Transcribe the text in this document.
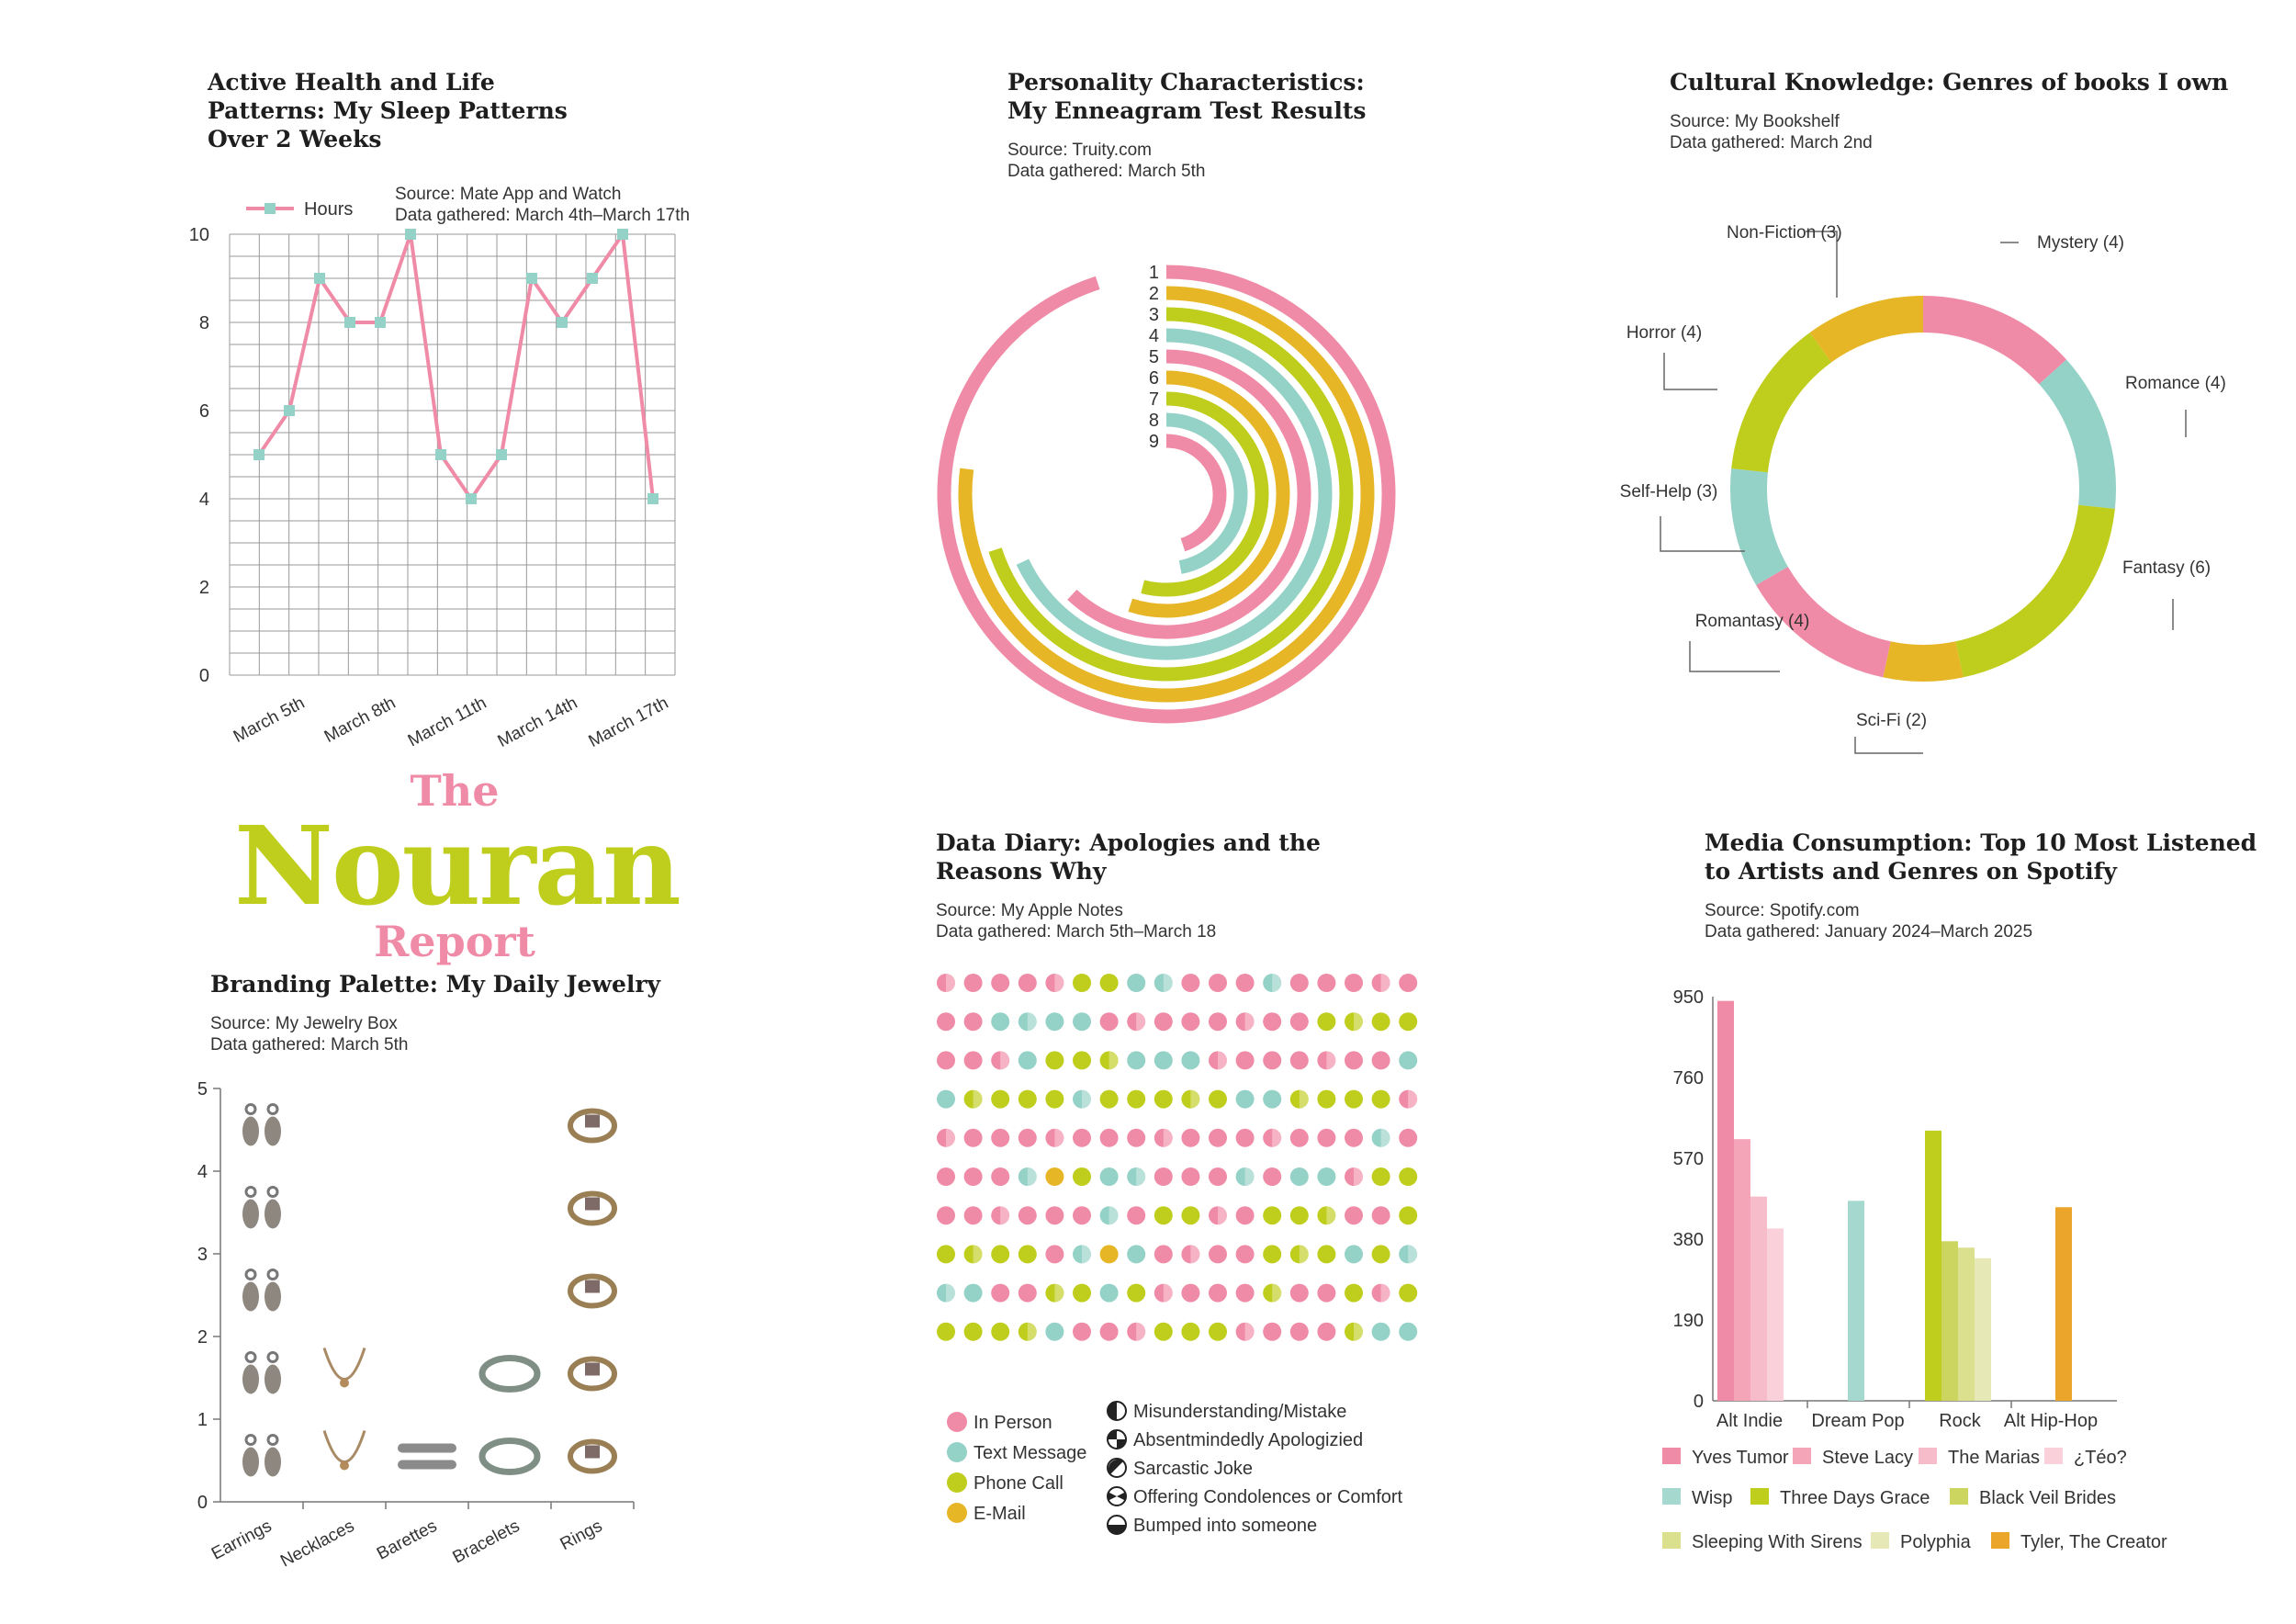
Active Health and Life
Patterns: My Sleep Patterns
Over 2 Weeks

Source: Mate App and Watch
Data gathered: March 4th–March 17th
0
2
4
6
8
10
March 5th March 8th March 11th March 14th March 17th
Hours

Personality Characteristics:
My Enneagram Test Results

Source: Truity.com
Data gathered: March 5th
1
2
3
4
5
6
7
8
9

Cultural Knowledge: Genres of books I own

Source: My Bookshelf
Data gathered: March 2nd
Mystery (4)
Romance (4)
Fantasy (6)
Sci-Fi (2)
Romantasy (4)
Self-Help (3)
Horror (4)
Non-Fiction (3)
The
Nouran
Report

Branding Palette: My Daily Jewelry

Source: My Jewelry Box
Data gathered: March 5th
0
1
2
3
4
5
Earrings Necklaces Barettes Bracelets Rings

Data Diary: Apologies and the
Reasons Why

Source: My Apple Notes
Data gathered: March 5th–March 18
In Person
Text Message
Phone Call
E-Mail
Misunderstanding/Mistake
Absentmindedly Apologizied
Sarcastic Joke
Offering Condolences or Comfort
Bumped into someone

Media Consumption: Top 10 Most Listened
to Artists and Genres on Spotify

Source: Spotify.com
Data gathered: January 2024–March 2025
0
190
380
570
760
950
Alt Indie Dream Pop Rock Alt Hip-Hop
Yves Tumor Steve Lacy The Marias ¿Téo?
Wisp	Three Days Grace	Black Veil Brides
Sleeping With Sirens Polyphia	Tyler, The Creator
